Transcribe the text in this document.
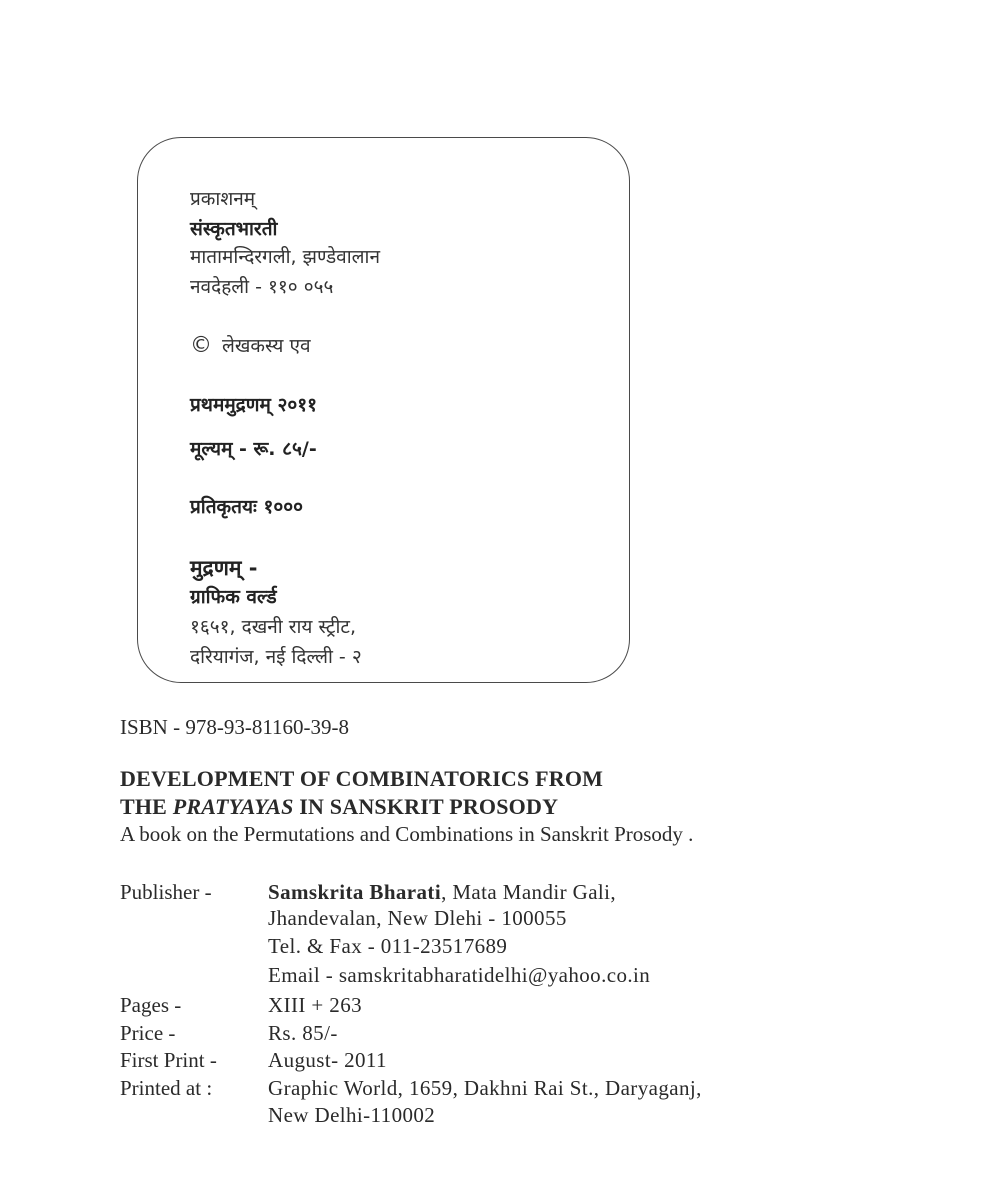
प्रकाशनम्
संस्कृतभारती
मातामन्दिरगली, झण्डेवालान
नवदेहली - ११० ०५५
© लेखकस्य एव
प्रथममुद्रणम् २०११
मूल्यम् - रू. ८५/-
प्रतिकृतयः १०००
मुद्रणम् -
ग्राफिक वर्ल्ड
१६५१, दखनी राय स्ट्रीट,
दरियागंज, नई दिल्ली - २
ISBN - 978-93-81160-39-8
DEVELOPMENT OF COMBINATORICS FROM
THE PRATYAYAS IN SANSKRIT PROSODY
A book on the Permutations and Combinations in Sanskrit Prosody .
Publisher -	Samskrita Bharati, Mata Mandir Gali,
Jhandevalan, New Dlehi - 100055
Tel. & Fax - 011-23517689
Email - samskritabharatidelhi@yahoo.co.in
Pages -	XIII + 263
Price -	Rs. 85/-
First Print - August- 2011
Printed at :	Graphic World, 1659, Dakhni Rai St., Daryaganj,
New Delhi-110002
